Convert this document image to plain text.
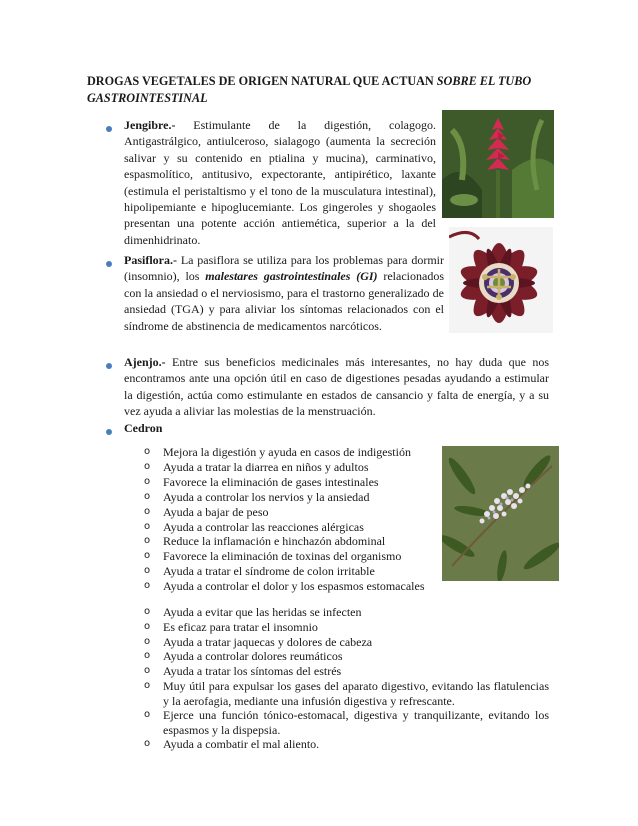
DROGAS VEGETALES DE ORIGEN NATURAL QUE ACTUAN SOBRE EL TUBO GASTROINTESTINAL
Jengibre.- Estimulante de la digestión, colagogo. Antigastrálgico, antiulceroso, sialagogo (aumenta la secreción salivar y su contenido en ptialina y mucina), carminativo, espasmolítico, antitusivo, expectorante, antipirético, laxante (estimula el peristaltismo y el tono de la musculatura intestinal), hipolipemiante e hipoglucemiante. Los gingeroles y shogaoles presentan una potente acción antiemética, superior a la del dimenhidrinato.
Pasiflora.- La pasiflora se utiliza para los problemas para dormir (insomnio), los malestares gastrointestinales (GI) relacionados con la ansiedad o el nerviosismo, para el trastorno generalizado de ansiedad (TGA) y para aliviar los síntomas relacionados con el síndrome de abstinencia de medicamentos narcóticos.
Ajenjo.- Entre sus beneficios medicinales más interesantes, no hay duda que nos encontramos ante una opción útil en caso de digestiones pesadas ayudando a estimular la digestión, actúa como estimulante en estados de cansancio y falta de energía, y a su vez ayuda a aliviar las molestias de la menstruación.
Cedron
o Mejora la digestión y ayuda en casos de indigestión
o Ayuda a tratar la diarrea en niños y adultos
o Favorece la eliminación de gases intestinales
o Ayuda a controlar los nervios y la ansiedad
o Ayuda a bajar de peso
o Ayuda a controlar las reacciones alérgicas
o Reduce la inflamación e hinchazón abdominal
o Favorece la eliminación de toxinas del organismo
o Ayuda a tratar el síndrome de colon irritable
o Ayuda a controlar el dolor y los espasmos estomacales
o Ayuda a evitar que las heridas se infecten
o Es eficaz para tratar el insomnio
o Ayuda a tratar jaquecas y dolores de cabeza
o Ayuda a controlar dolores reumáticos
o Ayuda a tratar los síntomas del estrés
o Muy útil para expulsar los gases del aparato digestivo, evitando las flatulencias y la aerofagia, mediante una infusión digestiva y refrescante.
o Ejerce una función tónico-estomacal, digestiva y tranquilizante, evitando los espasmos y la dispepsia.
o Ayuda a combatir el mal aliento.
